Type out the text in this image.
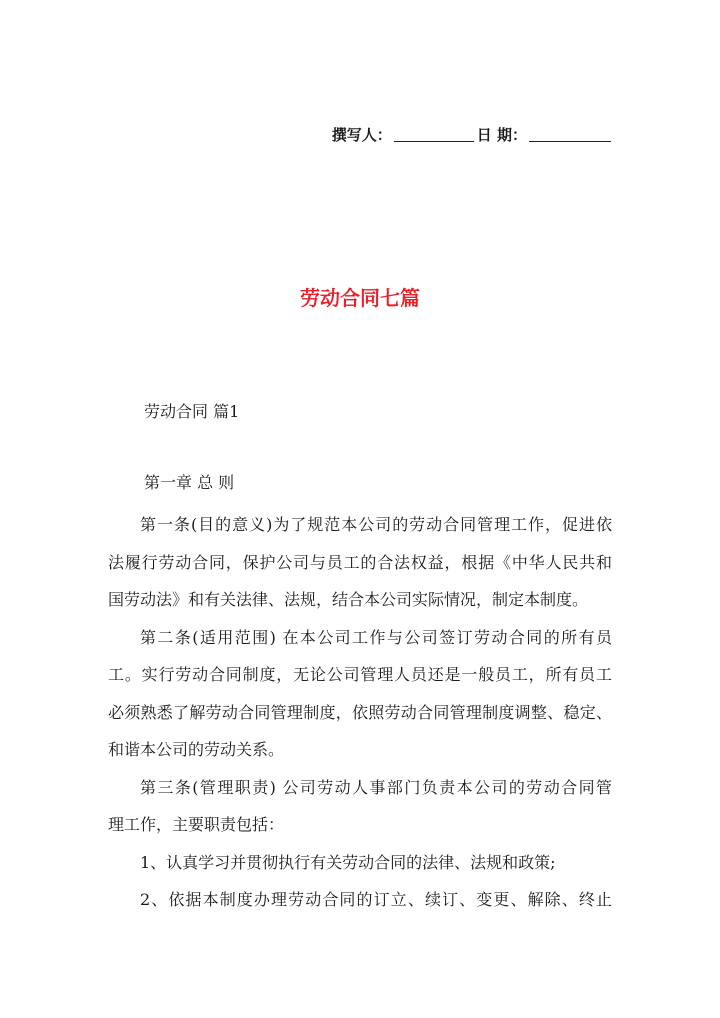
撰写人：	日 期：
劳动合同七篇
劳动合同 篇1
第一章 总 则
第一条(目的意义)为了规范本公司的劳动合同管理工作，促进依
法履行劳动合同，保护公司与员工的合法权益，根据《中华人民共和
国劳动法》和有关法律、法规，结合本公司实际情况，制定本制度。
第二条(适用范围) 在本公司工作与公司签订劳动合同的所有员
工。实行劳动合同制度，无论公司管理人员还是一般员工，所有员工
必须熟悉了解劳动合同管理制度，依照劳动合同管理制度调整、稳定、
和谐本公司的劳动关系。
第三条(管理职责) 公司劳动人事部门负责本公司的劳动合同管
理工作，主要职责包括：
1、认真学习并贯彻执行有关劳动合同的法律、法规和政策;
2、依据本制度办理劳动合同的订立、续订、变更、解除、终止
